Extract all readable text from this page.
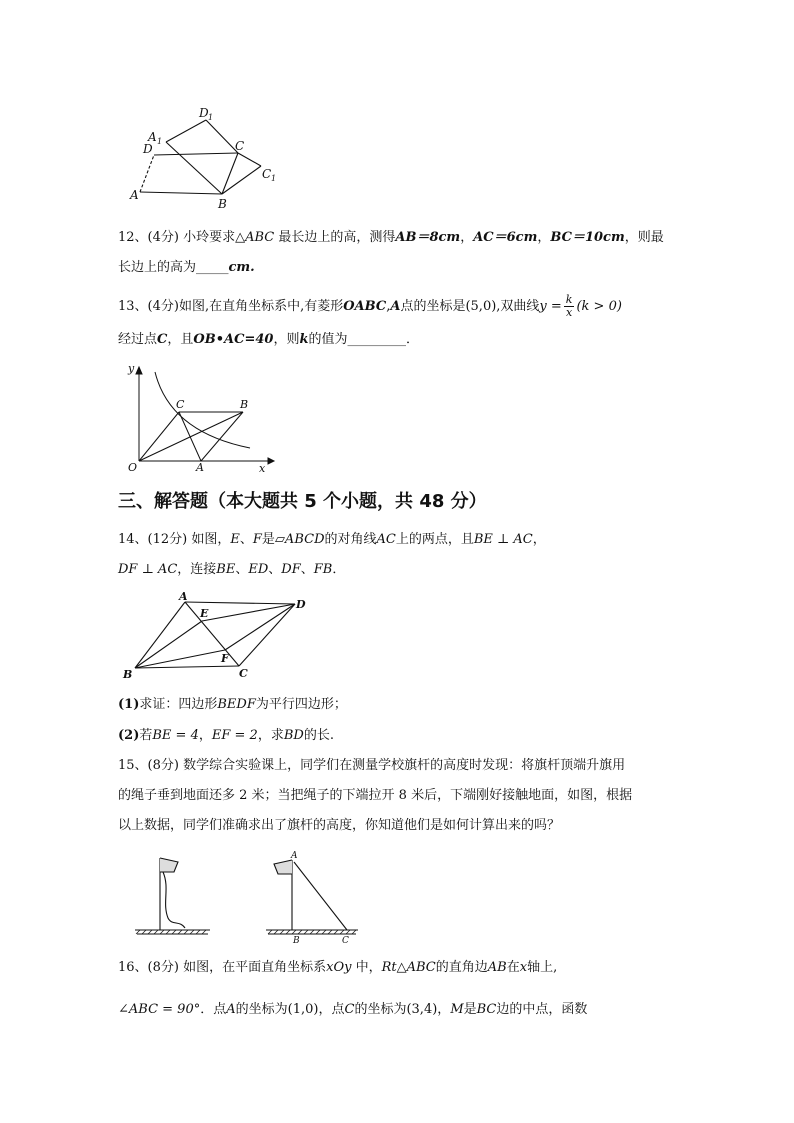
A 1
D 1
D	C
C 1
A
B
12、(4分) 小玲要求△ABC 最长边上的高，测得AB＝8cm，AC＝6cm，BC＝10cm，则最
长边上的高为_____cm.
13、(4分)如图,在直角坐标系中,有菱形OABC,A点的坐标是(5,0),双曲线$y = \frac{k}{x} (k > 0)$
经过点C，且OB•AC=40，则k的值为_________．
y
x
O	A
B
C
三、解答题（本大题共 5 个小题，共 48 分）
14、(12分) 如图，E、F是▱ABCD的对角线AC上的两点，且BE ⊥ AC，
DF ⊥ AC，连接BE、ED、DF、FB．
A
E
D
B
F
C
(1)求证：四边形BEDF为平行四边形；
(2)若BE = 4，EF = 2，求BD的长.
15、(8分) 数学综合实验课上，同学们在测量学校旗杆的高度时发现：将旗杆顶端升旗用
的绳子垂到地面还多 2 米；当把绳子的下端拉开 8 米后，下端刚好接触地面，如图，根据
以上数据，同学们准确求出了旗杆的高度，你知道他们是如何计算出来的吗？
A
B	C
16、(8分) 如图，在平面直角坐标系xOy 中，Rt△ABC的直角边AB在x轴上,
∠ABC = 90°．点A的坐标为(1,0)，点C的坐标为(3,4)，M是BC边的中点，函数
